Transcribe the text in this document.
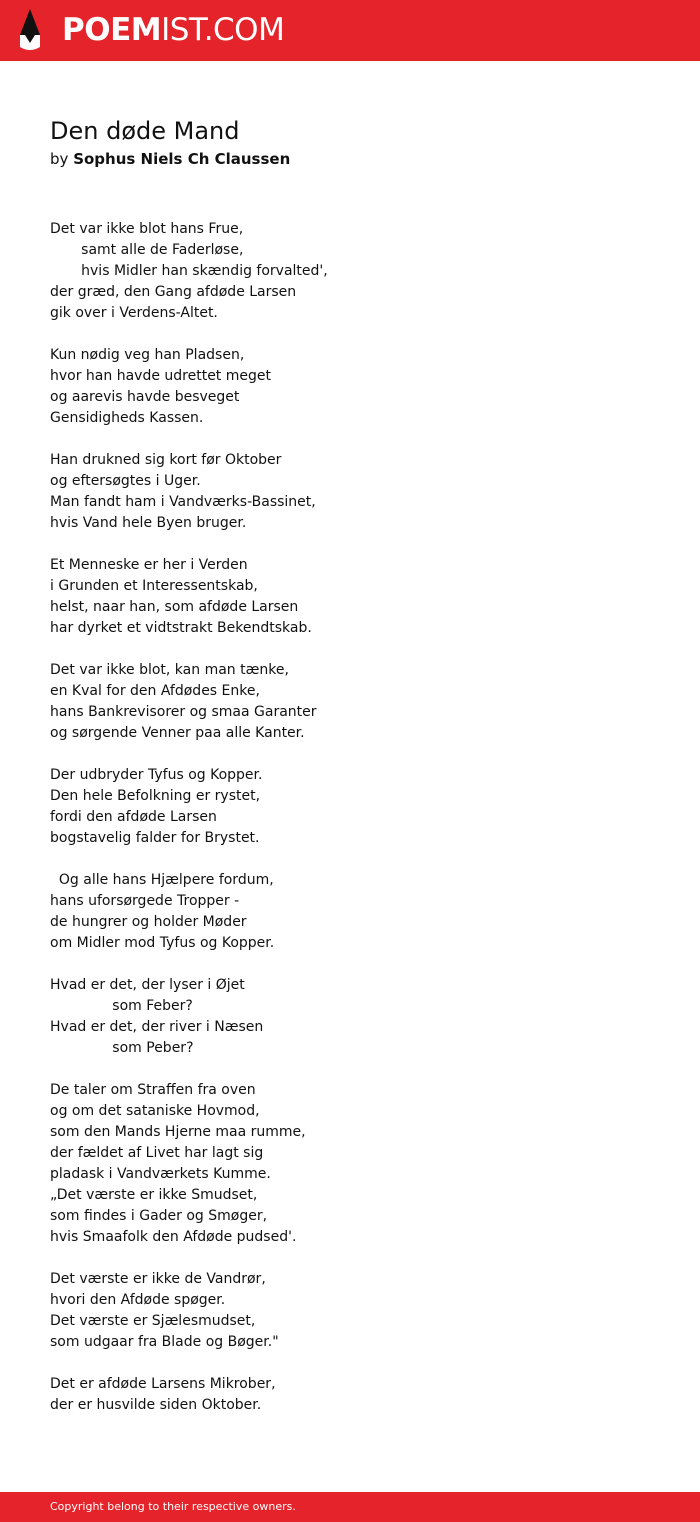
POEMIST.COM
Den døde Mand
by Sophus Niels Ch Claussen
Det var ikke blot hans Frue,
samt alle de Faderløse,
hvis Midler han skændig forvalted',
der græd, den Gang afdøde Larsen
gik over i Verdens-Altet.
Kun nødig veg han Pladsen,
hvor han havde udrettet meget
og aarevis havde besveget
Gensidigheds Kassen.
Han drukned sig kort før Oktober
og eftersøgtes i Uger.
Man fandt ham i Vandværks-Bassinet,
hvis Vand hele Byen bruger.
Et Menneske er her i Verden
i Grunden et Interessentskab,
helst, naar han, som afdøde Larsen
har dyrket et vidtstrakt Bekendtskab.
Det var ikke blot, kan man tænke,
en Kval for den Afdødes Enke,
hans Bankrevisorer og smaa Garanter
og sørgende Venner paa alle Kanter.
Der udbryder Tyfus og Kopper.
Den hele Befolkning er rystet,
fordi den afdøde Larsen
bogstavelig falder for Brystet.
Og alle hans Hjælpere fordum,
hans uforsørgede Tropper -
de hungrer og holder Møder
om Midler mod Tyfus og Kopper.
Hvad er det, der lyser i Øjet
som Feber?
Hvad er det, der river i Næsen
som Peber?
De taler om Straffen fra oven
og om det sataniske Hovmod,
som den Mands Hjerne maa rumme,
der fældet af Livet har lagt sig
pladask i Vandværkets Kumme.
„Det værste er ikke Smudset,
som findes i Gader og Smøger,
hvis Smaafolk den Afdøde pudsed'.
Det værste er ikke de Vandrør,
hvori den Afdøde spøger.
Det værste er Sjælesmudset,
som udgaar fra Blade og Bøger."
Det er afdøde Larsens Mikrober,
der er husvilde siden Oktober.
Copyright belong to their respective owners.
